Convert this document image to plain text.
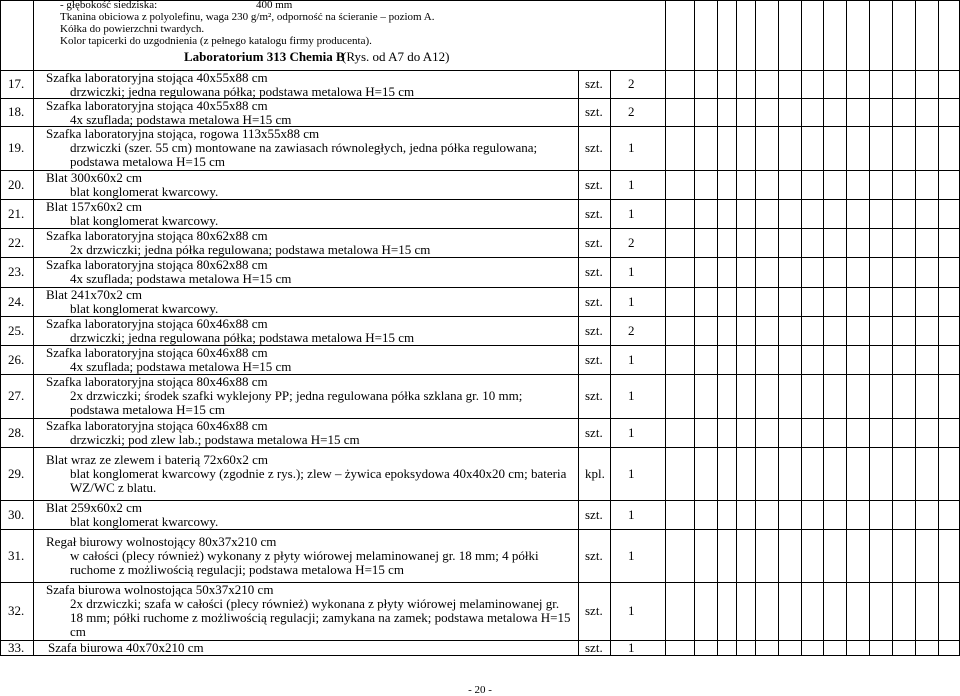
- głębokość siedziska:	400 mm
Tkanina obiciowa z polyolefinu, waga 230 g/m², odporność na ścieranie – poziom A.
Kółka do powierzchni twardych.
Kolor tapicerki do uzgodnienia (z pełnego katalogu firmy producenta).
Laboratorium 313 Chemia B
(Rys. od A7 do A12)
17. Szafka laboratoryjna stojąca 40x55x88 cm
drzwiczki; jedna regulowana półka; podstawa metalowa H=15 cm
szt. 2
18. Szafka laboratoryjna stojąca 40x55x88 cm
4x szuflada; podstawa metalowa H=15 cm
szt. 2
19.
Szafka laboratoryjna stojąca, rogowa 113x55x88 cm
drzwiczki (szer. 55 cm) montowane na zawiasach równoległych, jedna półka regulowana;
podstawa metalowa H=15 cm
szt. 1
20. Blat 300x60x2 cm
blat konglomerat kwarcowy.	szt. 1
21. Blat 157x60x2 cm
blat konglomerat kwarcowy.	szt. 1
22. Szafka laboratoryjna stojąca 80x62x88 cm
2x drzwiczki; jedna półka regulowana; podstawa metalowa H=15 cm	szt. 2
23. Szafka laboratoryjna stojąca 80x62x88 cm
4x szuflada; podstawa metalowa H=15 cm	szt. 1
24. Blat 241x70x2 cm
blat konglomerat kwarcowy.	szt. 1
25. Szafka laboratoryjna stojąca 60x46x88 cm
drzwiczki; jedna regulowana półka; podstawa metalowa H=15 cm	szt. 2
26. Szafka laboratoryjna stojąca 60x46x88 cm
4x szuflada; podstawa metalowa H=15 cm	szt. 1
27.
Szafka laboratoryjna stojąca 80x46x88 cm
2x drzwiczki; środek szafki wyklejony PP; jedna regulowana półka szklana gr. 10 mm;
podstawa metalowa H=15 cm
szt. 1
28. Szafka laboratoryjna stojąca 60x46x88 cm
drzwiczki; pod zlew lab.; podstawa metalowa H=15 cm	szt. 1
29.
Blat wraz ze zlewem i baterią 72x60x2 cm
blat konglomerat kwarcowy (zgodnie z rys.); zlew – żywica epoksydowa 40x40x20 cm; bateria
WZ/WC z blatu.
kpl. 1
30. Blat 259x60x2 cm
blat konglomerat kwarcowy.	szt. 1
31.
Regał biurowy wolnostojący 80x37x210 cm
w całości (plecy również) wykonany z płyty wiórowej melaminowanej gr. 18 mm; 4 półki
ruchome z możliwością regulacji; podstawa metalowa H=15 cm
szt. 1
32.
Szafa biurowa wolnostojąca 50x37x210 cm
2x drzwiczki; szafa w całości (plecy również) wykonana z płyty wiórowej melaminowanej gr.
18 mm; półki ruchome z możliwością regulacji; zamykana na zamek; podstawa metalowa H=15
cm
szt. 1
33. Szafa biurowa 40x70x210 cm	szt. 1
- 20 -
